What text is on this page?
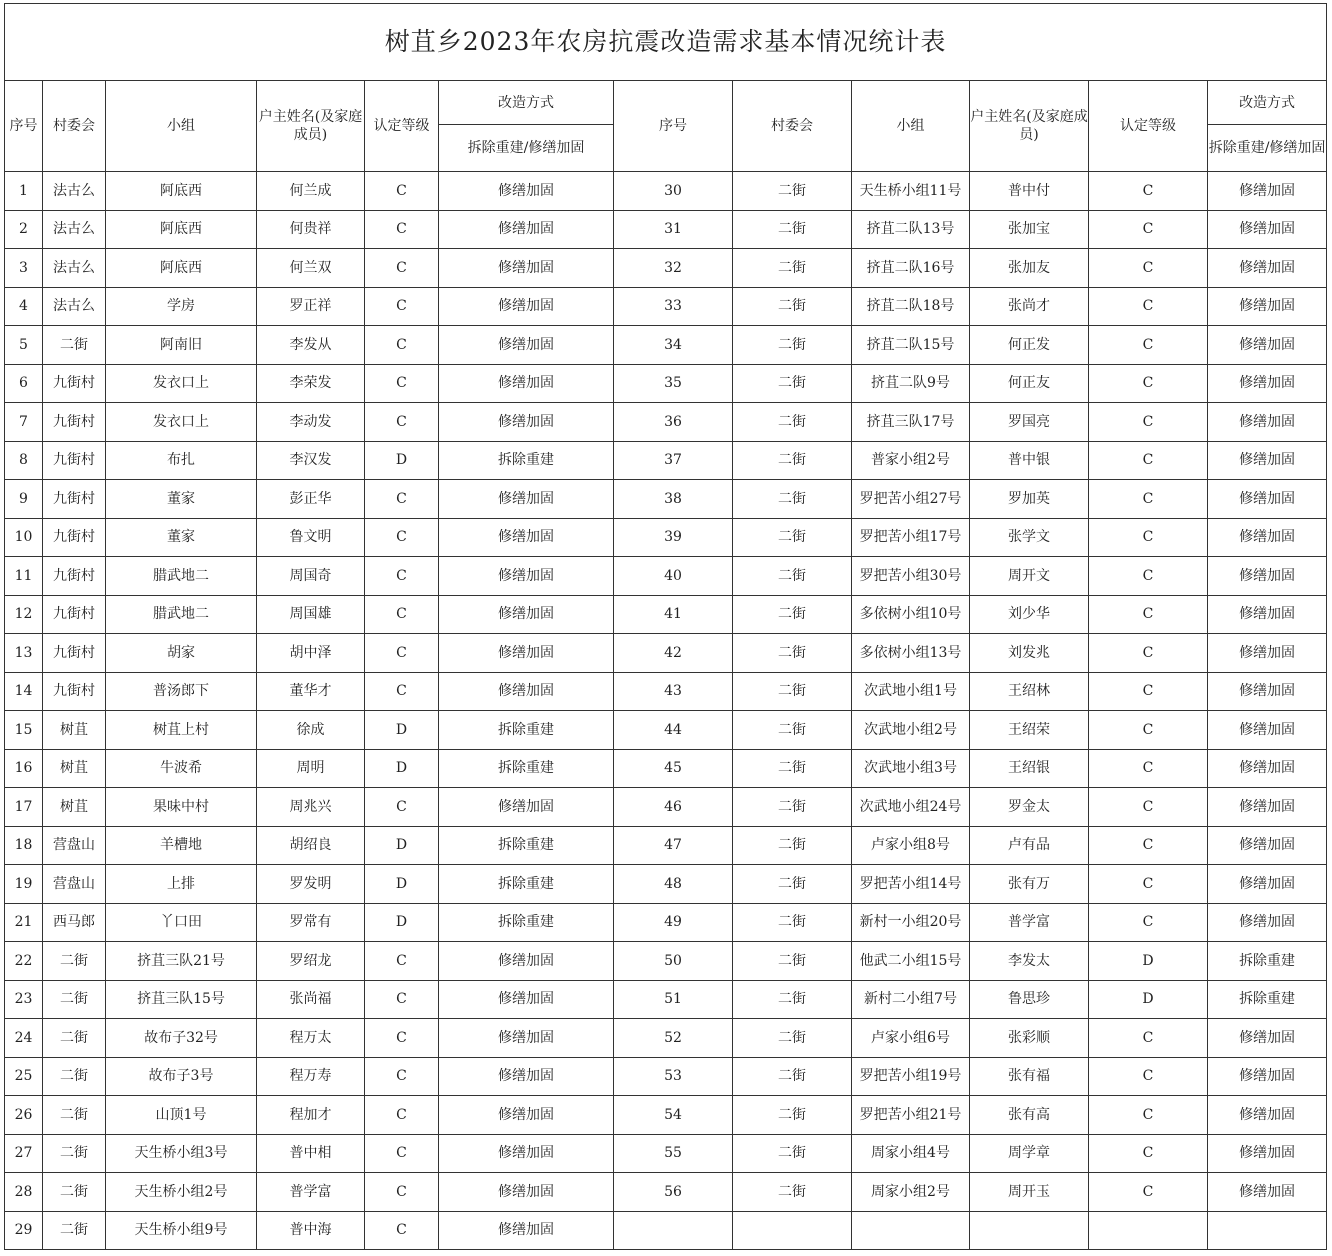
树苴乡2023年农房抗震改造需求基本情况统计表											
序号	村委会	小组	户主姓名(及家庭成员)	认定等级	改造方式	序号	村委会	小组	户主姓名(及家庭成员)	认定等级	改造方式
					拆除重建/修缮加固						拆除重建/修缮加固
1	法古么	阿底西	何兰成	C	修缮加固	30	二街	天生桥小组11号	普中付	C	修缮加固
2	法古么	阿底西	何贵祥	C	修缮加固	31	二街	挤苴二队13号	张加宝	C	修缮加固
3	法古么	阿底西	何兰双	C	修缮加固	32	二街	挤苴二队16号	张加友	C	修缮加固
4	法古么	学房	罗正祥	C	修缮加固	33	二街	挤苴二队18号	张尚才	C	修缮加固
5	二街	阿南旧	李发从	C	修缮加固	34	二街	挤苴二队15号	何正发	C	修缮加固
6	九街村	发衣口上	李荣发	C	修缮加固	35	二街	挤苴二队9号	何正友	C	修缮加固
7	九街村	发衣口上	李动发	C	修缮加固	36	二街	挤苴三队17号	罗国亮	C	修缮加固
8	九街村	布扎	李汉发	D	拆除重建	37	二街	普家小组2号	普中银	C	修缮加固
9	九街村	董家	彭正华	C	修缮加固	38	二街	罗把苦小组27号	罗加英	C	修缮加固
10	九街村	董家	鲁文明	C	修缮加固	39	二街	罗把苦小组17号	张学文	C	修缮加固
11	九街村	腊武地二	周国奇	C	修缮加固	40	二街	罗把苦小组30号	周开文	C	修缮加固
12	九街村	腊武地二	周国雄	C	修缮加固	41	二街	多依树小组10号	刘少华	C	修缮加固
13	九街村	胡家	胡中泽	C	修缮加固	42	二街	多依树小组13号	刘发兆	C	修缮加固
14	九街村	普汤郎下	董华才	C	修缮加固	43	二街	次武地小组1号	王绍林	C	修缮加固
15	树苴	树苴上村	徐成	D	拆除重建	44	二街	次武地小组2号	王绍荣	C	修缮加固
16	树苴	牛波希	周明	D	拆除重建	45	二街	次武地小组3号	王绍银	C	修缮加固
17	树苴	果味中村	周兆兴	C	修缮加固	46	二街	次武地小组24号	罗金太	C	修缮加固
18	营盘山	羊槽地	胡绍良	D	拆除重建	47	二街	卢家小组8号	卢有品	C	修缮加固
19	营盘山	上排	罗发明	D	拆除重建	48	二街	罗把苦小组14号	张有万	C	修缮加固
21	西马郎	丫口田	罗常有	D	拆除重建	49	二街	新村一小组20号	普学富	C	修缮加固
22	二街	挤苴三队21号	罗绍龙	C	修缮加固	50	二街	他武二小组15号	李发太	D	拆除重建
23	二街	挤苴三队15号	张尚福	C	修缮加固	51	二街	新村二小组7号	鲁思珍	D	拆除重建
24	二街	故布子32号	程万太	C	修缮加固	52	二街	卢家小组6号	张彩顺	C	修缮加固
25	二街	故布子3号	程万寿	C	修缮加固	53	二街	罗把苦小组19号	张有福	C	修缮加固
26	二街	山顶1号	程加才	C	修缮加固	54	二街	罗把苦小组21号	张有高	C	修缮加固
27	二街	天生桥小组3号	普中相	C	修缮加固	55	二街	周家小组4号	周学章	C	修缮加固
28	二街	天生桥小组2号	普学富	C	修缮加固	56	二街	周家小组2号	周开玉	C	修缮加固
29	二街	天生桥小组9号	普中海	C	修缮加固						
